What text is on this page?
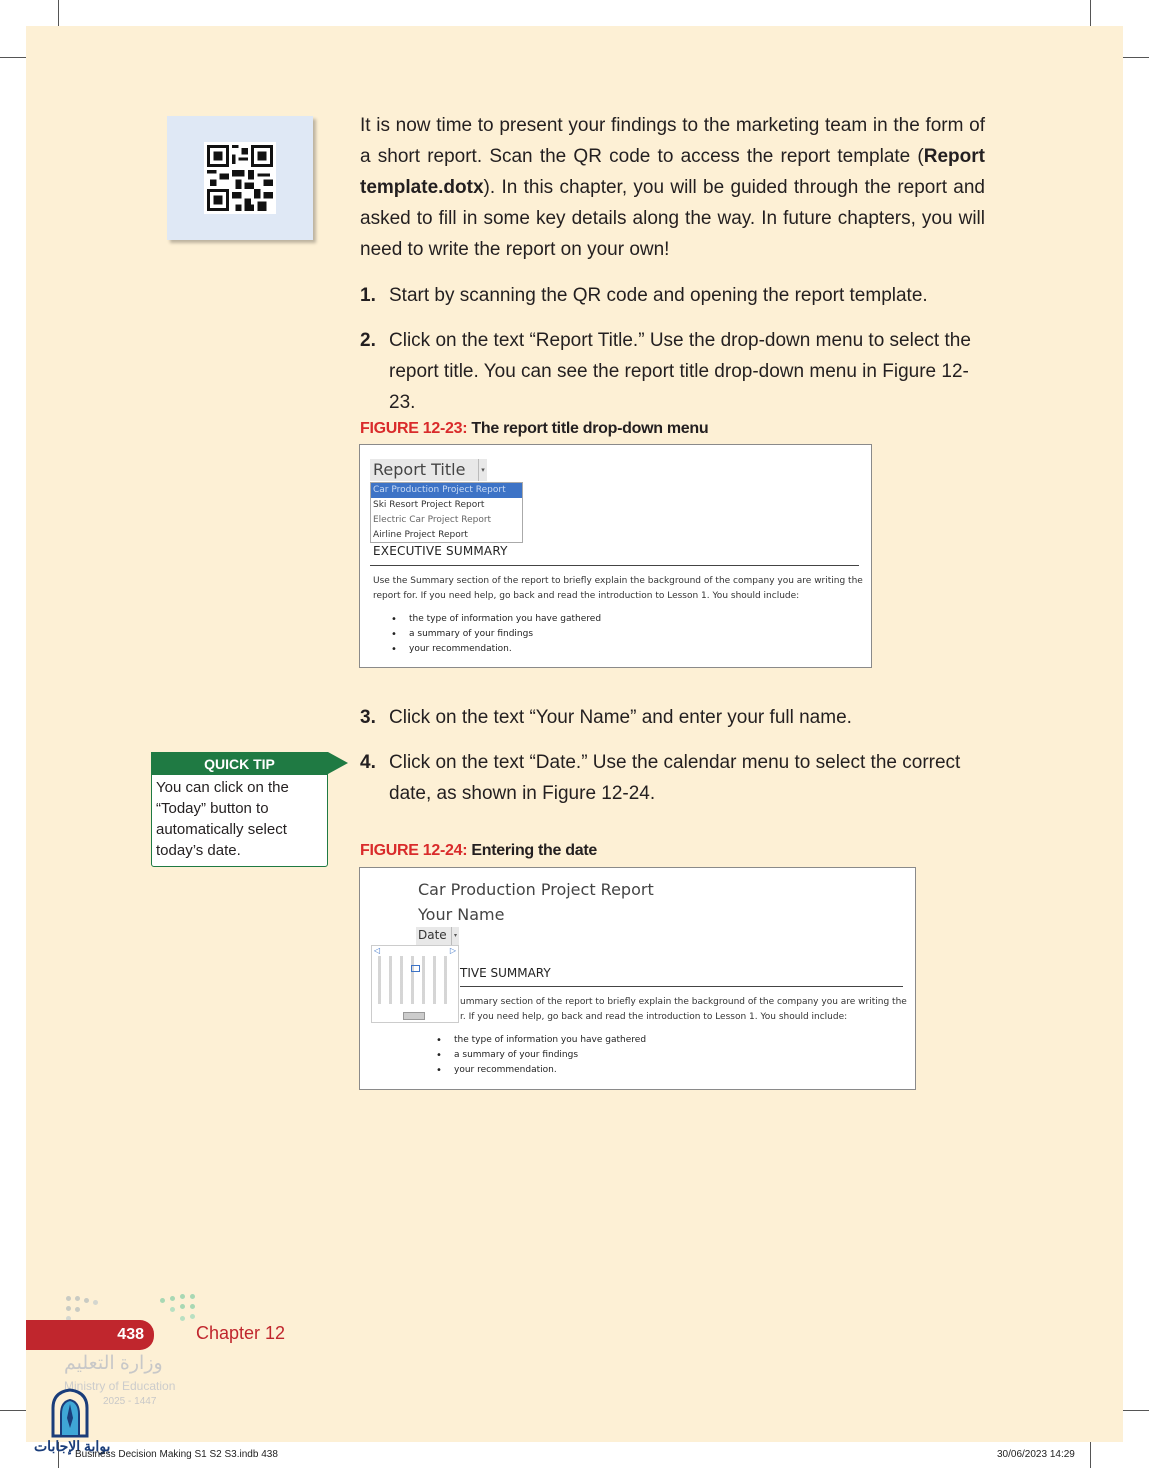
It is now time to present your findings to the marketing team in the form of a short report. Scan the QR code to access the report template (Report template.dotx). In this chapter, you will be guided through the report and asked to fill in some key details along the way. In future chapters, you will need to write the report on your own!
1. Start by scanning the QR code and opening the report template.
2. Click on the text “Report Title.” Use the drop-down menu to select the report title. You can see the report title drop-down menu in Figure 12-23.
FIGURE 12-23: The report title drop-down menu
Report Title	▾
Car Production Project Report
Ski Resort Project Report
Electric Car Project Report
Airline Project Report
EXECUTIVE SUMMARY
Use the Summary section of the report to briefly explain the background of the company you are writing the
report for. If you need help, go back and read the introduction to Lesson 1. You should include:
• the type of information you have gathered
• a summary of your findings
• your recommendation.
3. Click on the text “Your Name” and enter your full name.
4. Click on the text “Date.” Use the calendar menu to select the correct date, as shown in Figure 12-24.
QUICK TIP
You can click on the “Today” button to automatically select today’s date.	FIGURE 12-24: Entering the date
Car Production Project Report
Your Name
Date	▾
◁	▷
TIVE SUMMARY
ummary section of the report to briefly explain the background of the company you are writing the
r. If you need help, go back and read the introduction to Lesson 1. You should include:
• the type of information you have gathered
• a summary of your findings
• your recommendation.
438	Chapter 12
وزارة التعليم
Ministry of Education
2025 - 1447
بوابة الإجابات
Business Decision Making S1 S2 S3.indb 438	30/06/2023 14:29
